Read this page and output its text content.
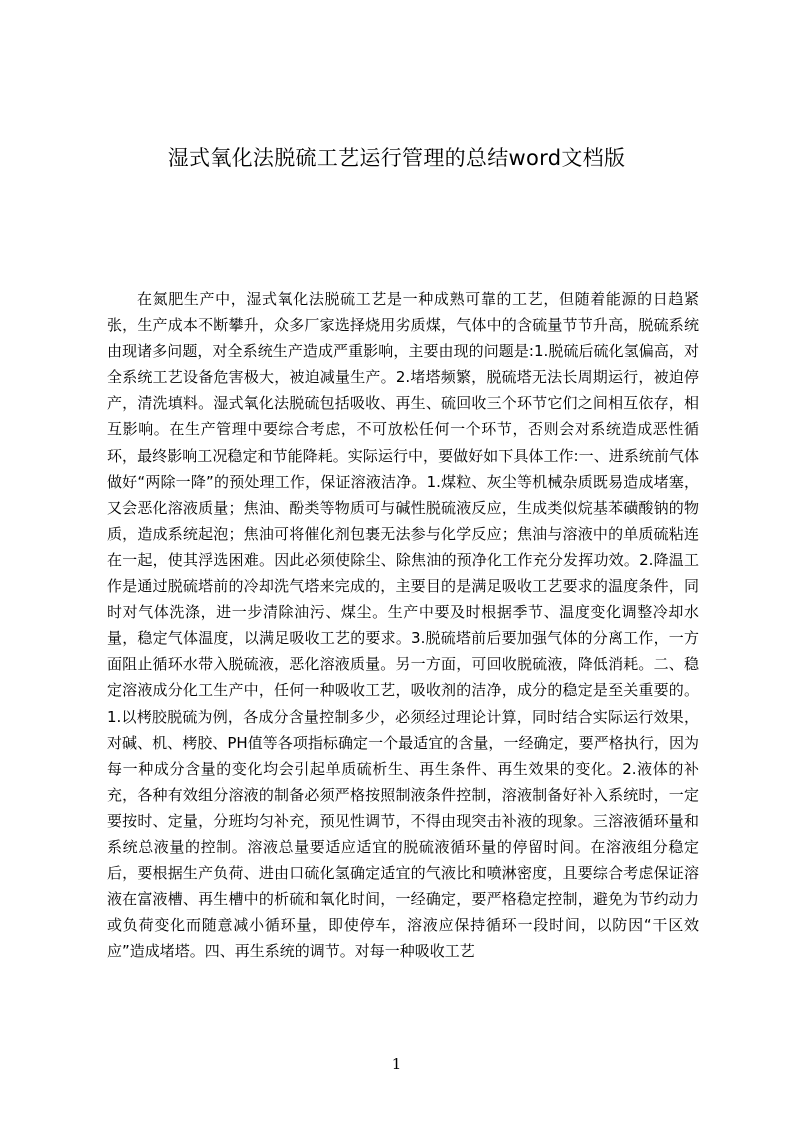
湿式氧化法脱硫工艺运行管理的总结word文档版

在氮肥生产中，湿式氧化法脱硫工艺是一种成熟可靠的工艺，但随着能源的日趋紧张，生产成本不断攀升，众多厂家选择烧用劣质煤，气体中的含硫量节节升高，脱硫系统由现诸多问题，对全系统生产造成严重影响，主要由现的问题是:1.脱硫后硫化氢偏高，对全系统工艺设备危害极大，被迫减量生产。2.堵塔频繁，脱硫塔无法长周期运行，被迫停产，清洗填料。湿式氧化法脱硫包括吸收、再生、硫回收三个环节它们之间相互依存，相互影响。在生产管理中要综合考虑，不可放松任何一个环节，否则会对系统造成恶性循环，最终影响工况稳定和节能降耗。实际运行中，要做好如下具体工作:一、进系统前气体做好“两除一降”的预处理工作，保证溶液洁净。1.煤粒、灰尘等机械杂质既易造成堵塞，又会恶化溶液质量；焦油、酚类等物质可与碱性脱硫液反应，生成类似烷基苯磺酸钠的物质，造成系统起泡；焦油可将催化剂包裹无法参与化学反应；焦油与溶液中的单质硫粘连在一起，使其浮选困难。因此必须使除尘、除焦油的预净化工作充分发挥功效。2.降温工作是通过脱硫塔前的冷却洗气塔来完成的，主要目的是满足吸收工艺要求的温度条件，同时对气体洗涤，进一步清除油污、煤尘。生产中要及时根据季节、温度变化调整冷却水量，稳定气体温度，以满足吸收工艺的要求。3.脱硫塔前后要加强气体的分离工作，一方面阻止循环水带入脱硫液，恶化溶液质量。另一方面，可回收脱硫液，降低消耗。二、稳定溶液成分化工生产中，任何一种吸收工艺，吸收剂的洁净，成分的稳定是至关重要的。1.以栲胶脱硫为例，各成分含量控制多少，必须经过理论计算，同时结合实际运行效果，对碱、机、栲胶、PH值等各项指标确定一个最适宜的含量，一经确定，要严格执行，因为每一种成分含量的变化均会引起单质硫析生、再生条件、再生效果的变化。2.液体的补充，各种有效组分溶液的制备必须严格按照制液条件控制，溶液制备好补入系统时，一定要按时、定量，分班均匀补充，预见性调节，不得由现突击补液的现象。三溶液循环量和系统总液量的控制。溶液总量要适应适宜的脱硫液循环量的停留时间。在溶液组分稳定后，要根据生产负荷、进由口硫化氢确定适宜的气液比和喷淋密度，且要综合考虑保证溶液在富液槽、再生槽中的析硫和氧化时间，一经确定，要严格稳定控制，避免为节约动力或负荷变化而随意减小循环量，即使停车，溶液应保持循环一段时间，以防因“干区效应”造成堵塔。四、再生系统的调节。对每一种吸收工艺

1
